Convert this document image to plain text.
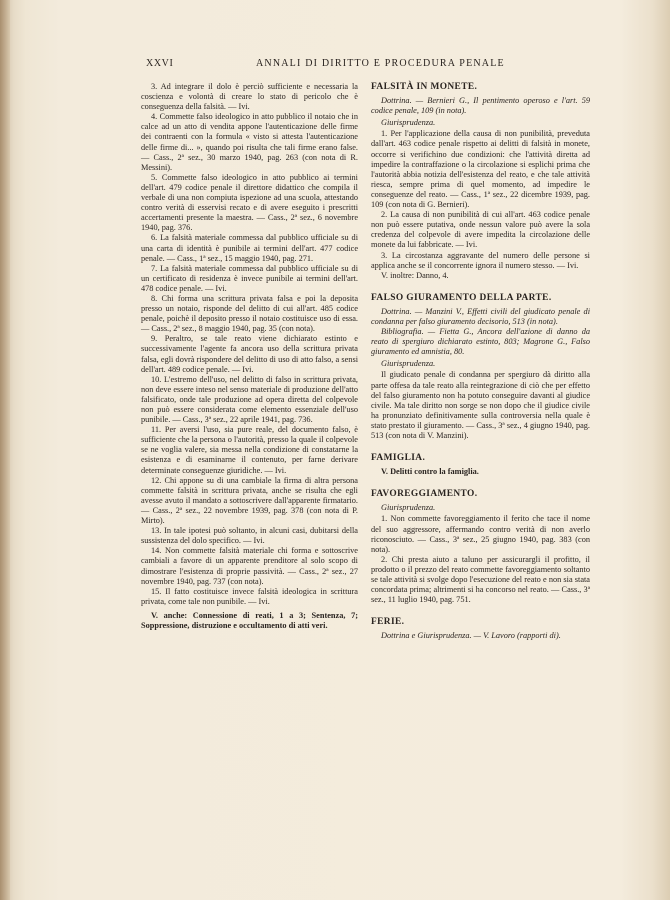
XXVI	ANNALI DI DIRITTO E PROCEDURA PENALE

3. Ad integrare il dolo è perciò sufficiente e necessaria la coscienza e volontà di creare lo stato di pericolo che è conseguenza della falsità. — Ivi.

4. Commette falso ideologico in atto pubblico il notaio che in calce ad un atto di vendita appone l'autenticazione delle firme dei contraenti con la formula « visto si attesta l'autenticazione delle firme di... », quando poi risulta che tali firme erano false. — Cass., 2ª sez., 30 marzo 1940, pag. 263 (con nota di R. Messini).

5. Commette falso ideologico in atto pubblico ai termini dell'art. 479 codice penale il direttore didattico che compila il verbale di una non compiuta ispezione ad una scuola, attestando contro verità di esservisi recato e di avere eseguito i prescritti accertamenti presente la maestra. — Cass., 2ª sez., 6 novembre 1940, pag. 376.

6. La falsità materiale commessa dal pubblico ufficiale su di una carta di identità è punibile ai termini dell'art. 477 codice penale. — Cass., 1ª sez., 15 maggio 1940, pag. 271.

7. La falsità materiale commessa dal pubblico ufficiale su di un certificato di residenza è invece punibile ai termini dell'art. 478 codice penale. — Ivi.

8. Chi forma una scrittura privata falsa e poi la deposita presso un notaio, risponde del delitto di cui all'art. 485 codice penale, poichè il deposito presso il notaio costituisce uso di essa. — Cass., 2ª sez., 8 maggio 1940, pag. 35 (con nota).

9. Peraltro, se tale reato viene dichiarato estinto e successivamente l'agente fa ancora uso della scrittura privata falsa, egli dovrà rispondere del delitto di uso di atto falso, a sensi dell'art. 489 codice penale. — Ivi.

10. L'estremo dell'uso, nel delitto di falso in scrittura privata, non deve essere inteso nel senso materiale di produzione dell'atto falsificato, onde tale produzione ad opera diretta del colpevole non può essere considerata come elemento essenziale dell'uso punibile. — Cass., 3ª sez., 22 aprile 1941, pag. 736.

11. Per aversi l'uso, sia pure reale, del documento falso, è sufficiente che la persona o l'autorità, presso la quale il colpevole se ne voglia valere, sia messa nella condizione di constatarne la esistenza e di esaminarne il contenuto, per farne derivare determinate conseguenze giuridiche. — Ivi.

12. Chi appone su di una cambiale la firma di altra persona commette falsità in scrittura privata, anche se risulta che egli avesse avuto il mandato a sottoscrivere dall'apparente firmatario. — Cass., 2ª sez., 22 novembre 1939, pag. 378 (con nota di P. Mirto).

13. In tale ipotesi può soltanto, in alcuni casi, dubitarsi della sussistenza del dolo specifico. — Ivi.

14. Non commette falsità materiale chi forma e sottoscrive cambiali a favore di un apparente prenditore al solo scopo di dimostrare l'esistenza di proprie passività. — Cass., 2ª sez., 27 novembre 1940, pag. 737 (con nota).

15. Il fatto costituisce invece falsità ideologica in scrittura privata, come tale non punibile. — Ivi.

V. anche: Connessione di reati, 1 a 3; Sentenza, 7; Soppressione, distruzione e occultamento di atti veri.

FALSITÀ IN MONETE.

Dottrina. — Bernieri G., Il pentimento operoso e l'art. 59 codice penale, 109 (in nota).

Giurisprudenza.

1. Per l'applicazione della causa di non punibilità, preveduta dall'art. 463 codice penale rispetto ai delitti di falsità in monete, occorre si verifichino due condizioni: che l'attività diretta ad impedire la contraffazione o la circolazione si esplichi prima che l'autorità abbia notizia dell'esistenza del reato, e che tale attività riesca, sempre prima di quel momento, ad impedire le conseguenze del reato. — Cass., 1ª sez., 22 dicembre 1939, pag. 109 (con nota di G. Bernieri).

2. La causa di non punibilità di cui all'art. 463 codice penale non può essere putativa, onde nessun valore può avere la sola credenza del colpevole di avere impedita la circolazione delle monete da lui fabbricate. — Ivi.

3. La circostanza aggravante del numero delle persone si applica anche se il concorrente ignora il numero stesso. — Ivi.

V. inoltre: Danno, 4.

FALSO GIURAMENTO DELLA PARTE.

Dottrina. — Manzini V., Effetti civili del giudicato penale di condanna per falso giuramento decisorio, 513 (in nota).

Bibliografia. — Fietta G., Ancora dell'azione di danno da reato di spergiuro dichiarato estinto, 803; Magrone G., Falso giuramento ed amnistia, 80.

Giurisprudenza.

Il giudicato penale di condanna per spergiuro dà diritto alla parte offesa da tale reato alla reintegrazione di ciò che per effetto del falso giuramento non ha potuto conseguire davanti al giudice civile. Ma tale diritto non sorge se non dopo che il giudice civile ha pronunziato definitivamente sulla controversia nella quale è stato prestato il giuramento. — Cass., 3ª sez., 4 giugno 1940, pag. 513 (con nota di V. Manzini).

FAMIGLIA.

V. Delitti contro la famiglia.

FAVOREGGIAMENTO.

Giurisprudenza.

1. Non commette favoreggiamento il ferito che tace il nome del suo aggressore, affermando contro verità di non averlo riconosciuto. — Cass., 3ª sez., 25 giugno 1940, pag. 383 (con nota).

2. Chi presta aiuto a taluno per assicurargli il profitto, il prodotto o il prezzo del reato commette favoreggiamento soltanto se tale attività si svolge dopo l'esecuzione del reato e non sia stata concordata prima; altrimenti si ha concorso nel reato. — Cass., 3ª sez., 11 luglio 1940, pag. 751.

FERIE.

Dottrina e Giurisprudenza. — V. Lavoro (rapporti di).
